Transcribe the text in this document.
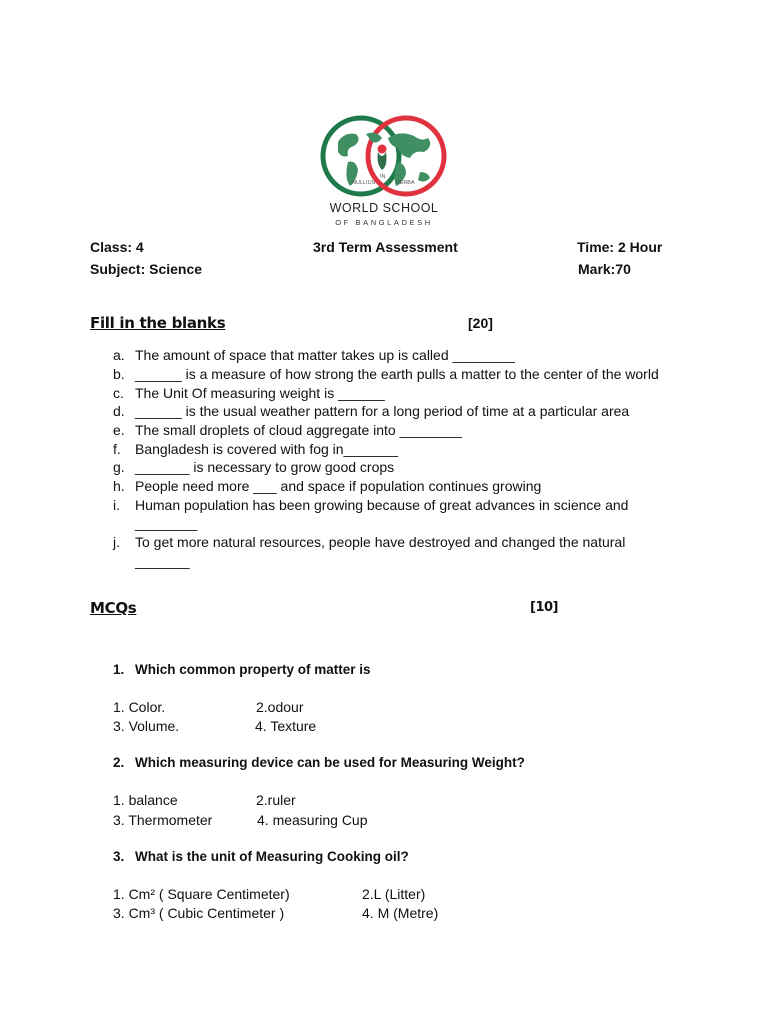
NULLIUS
IN
VERBA
WORLD SCHOOL
OF BANGLADESH
Class: 4	3rd Term Assessment	Time: 2 Hour
Subject: Science	Mark:70
Fill in the blanks	[20]
a. The amount of space that matter takes up is called ________
b. ______ is a measure of how strong the earth pulls a matter to the center of the world
c. The Unit Of measuring weight is ______
d. ______ is the usual weather pattern for a long period of time at a particular area
e. The small droplets of cloud aggregate into ________
f. Bangladesh is covered with fog in_______
g. _______ is necessary to grow good crops
h. People need more ___ and space if population continues growing
i. Human population has been growing because of great advances in science and
________
j. To get more natural resources, people have destroyed and changed the natural
_______
MCQs	[10]
1. Which common property of matter is
1. Color.	2.odour
3. Volume.	4. Texture
2. Which measuring device can be used for Measuring Weight?
1. balance	2.ruler
3. Thermometer	4. measuring Cup
3. What is the unit of Measuring Cooking oil?
1. Cm² ( Square Centimeter)	2.L (Litter)
3. Cm³ ( Cubic Centimeter )	4. M (Metre)
